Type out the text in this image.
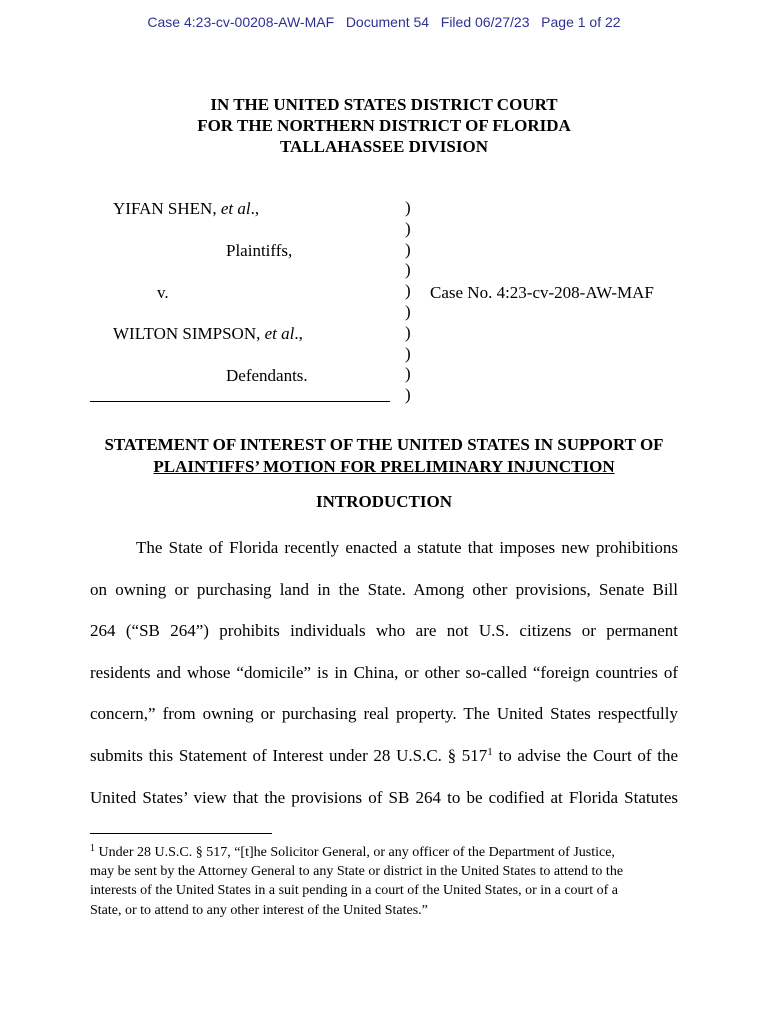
Case 4:23-cv-00208-AW-MAF Document 54 Filed 06/27/23 Page 1 of 22
IN THE UNITED STATES DISTRICT COURT
FOR THE NORTHERN DISTRICT OF FLORIDA
TALLAHASSEE DIVISION
YIFAN SHEN, et al.,
Plaintiffs,
v.
WILTON SIMPSON, et al.,
Defendants.
Case No. 4:23-cv-208-AW-MAF
)
)
)
)
)
)
)
)
)
)
STATEMENT OF INTEREST OF THE UNITED STATES IN SUPPORT OF
PLAINTIFFS’ MOTION FOR PRELIMINARY INJUNCTION
INTRODUCTION
The State of Florida recently enacted a statute that imposes new prohibitions
on owning or purchasing land in the State. Among other provisions, Senate Bill
264 (“SB 264”) prohibits individuals who are not U.S. citizens or permanent
residents and whose “domicile” is in China, or other so-called “foreign countries of
concern,” from owning or purchasing real property. The United States respectfully
submits this Statement of Interest under 28 U.S.C. § $517^1$ to advise the Court of the
United States’ view that the provisions of SB 264 to be codified at Florida Statutes
$^1$ Under 28 U.S.C. § 517, “[t]he Solicitor General, or any officer of the Department of Justice,
may be sent by the Attorney General to any State or district in the United States to attend to the
interests of the United States in a suit pending in a court of the United States, or in a court of a
State, or to attend to any other interest of the United States.”
